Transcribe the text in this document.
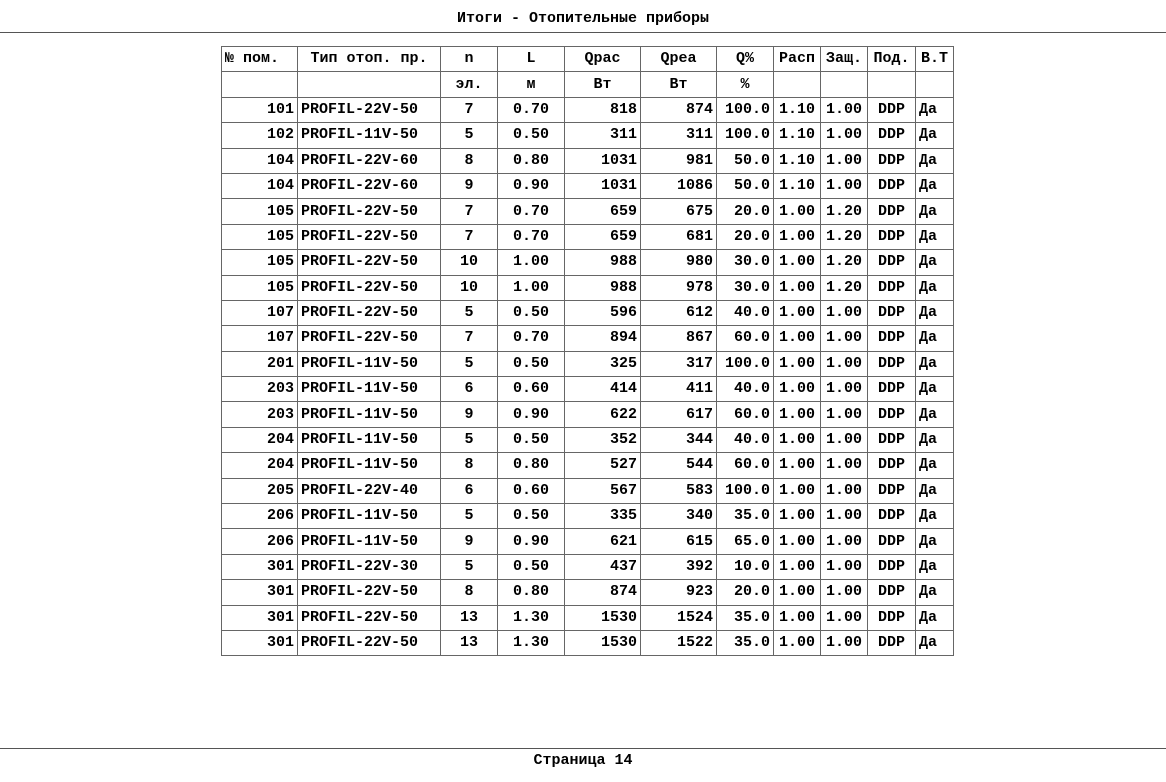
Итоги - Отопительные приборы
№ пом.	Тип отоп. пр.	n	L	Qрас	Qреа	Q%	Расп	Защ.	Под.	В.Т
		эл.	м	Вт	Вт	%				
101	PROFIL-22V-50	7	0.70	818	874	100.0	1.10	1.00	DDP	Да
102	PROFIL-11V-50	5	0.50	311	311	100.0	1.10	1.00	DDP	Да
104	PROFIL-22V-60	8	0.80	1031	981	50.0	1.10	1.00	DDP	Да
104	PROFIL-22V-60	9	0.90	1031	1086	50.0	1.10	1.00	DDP	Да
105	PROFIL-22V-50	7	0.70	659	675	20.0	1.00	1.20	DDP	Да
105	PROFIL-22V-50	7	0.70	659	681	20.0	1.00	1.20	DDP	Да
105	PROFIL-22V-50	10	1.00	988	980	30.0	1.00	1.20	DDP	Да
105	PROFIL-22V-50	10	1.00	988	978	30.0	1.00	1.20	DDP	Да
107	PROFIL-22V-50	5	0.50	596	612	40.0	1.00	1.00	DDP	Да
107	PROFIL-22V-50	7	0.70	894	867	60.0	1.00	1.00	DDP	Да
201	PROFIL-11V-50	5	0.50	325	317	100.0	1.00	1.00	DDP	Да
203	PROFIL-11V-50	6	0.60	414	411	40.0	1.00	1.00	DDP	Да
203	PROFIL-11V-50	9	0.90	622	617	60.0	1.00	1.00	DDP	Да
204	PROFIL-11V-50	5	0.50	352	344	40.0	1.00	1.00	DDP	Да
204	PROFIL-11V-50	8	0.80	527	544	60.0	1.00	1.00	DDP	Да
205	PROFIL-22V-40	6	0.60	567	583	100.0	1.00	1.00	DDP	Да
206	PROFIL-11V-50	5	0.50	335	340	35.0	1.00	1.00	DDP	Да
206	PROFIL-11V-50	9	0.90	621	615	65.0	1.00	1.00	DDP	Да
301	PROFIL-22V-30	5	0.50	437	392	10.0	1.00	1.00	DDP	Да
301	PROFIL-22V-50	8	0.80	874	923	20.0	1.00	1.00	DDP	Да
301	PROFIL-22V-50	13	1.30	1530	1524	35.0	1.00	1.00	DDP	Да
301	PROFIL-22V-50	13	1.30	1530	1522	35.0	1.00	1.00	DDP	Да
Страница 14
